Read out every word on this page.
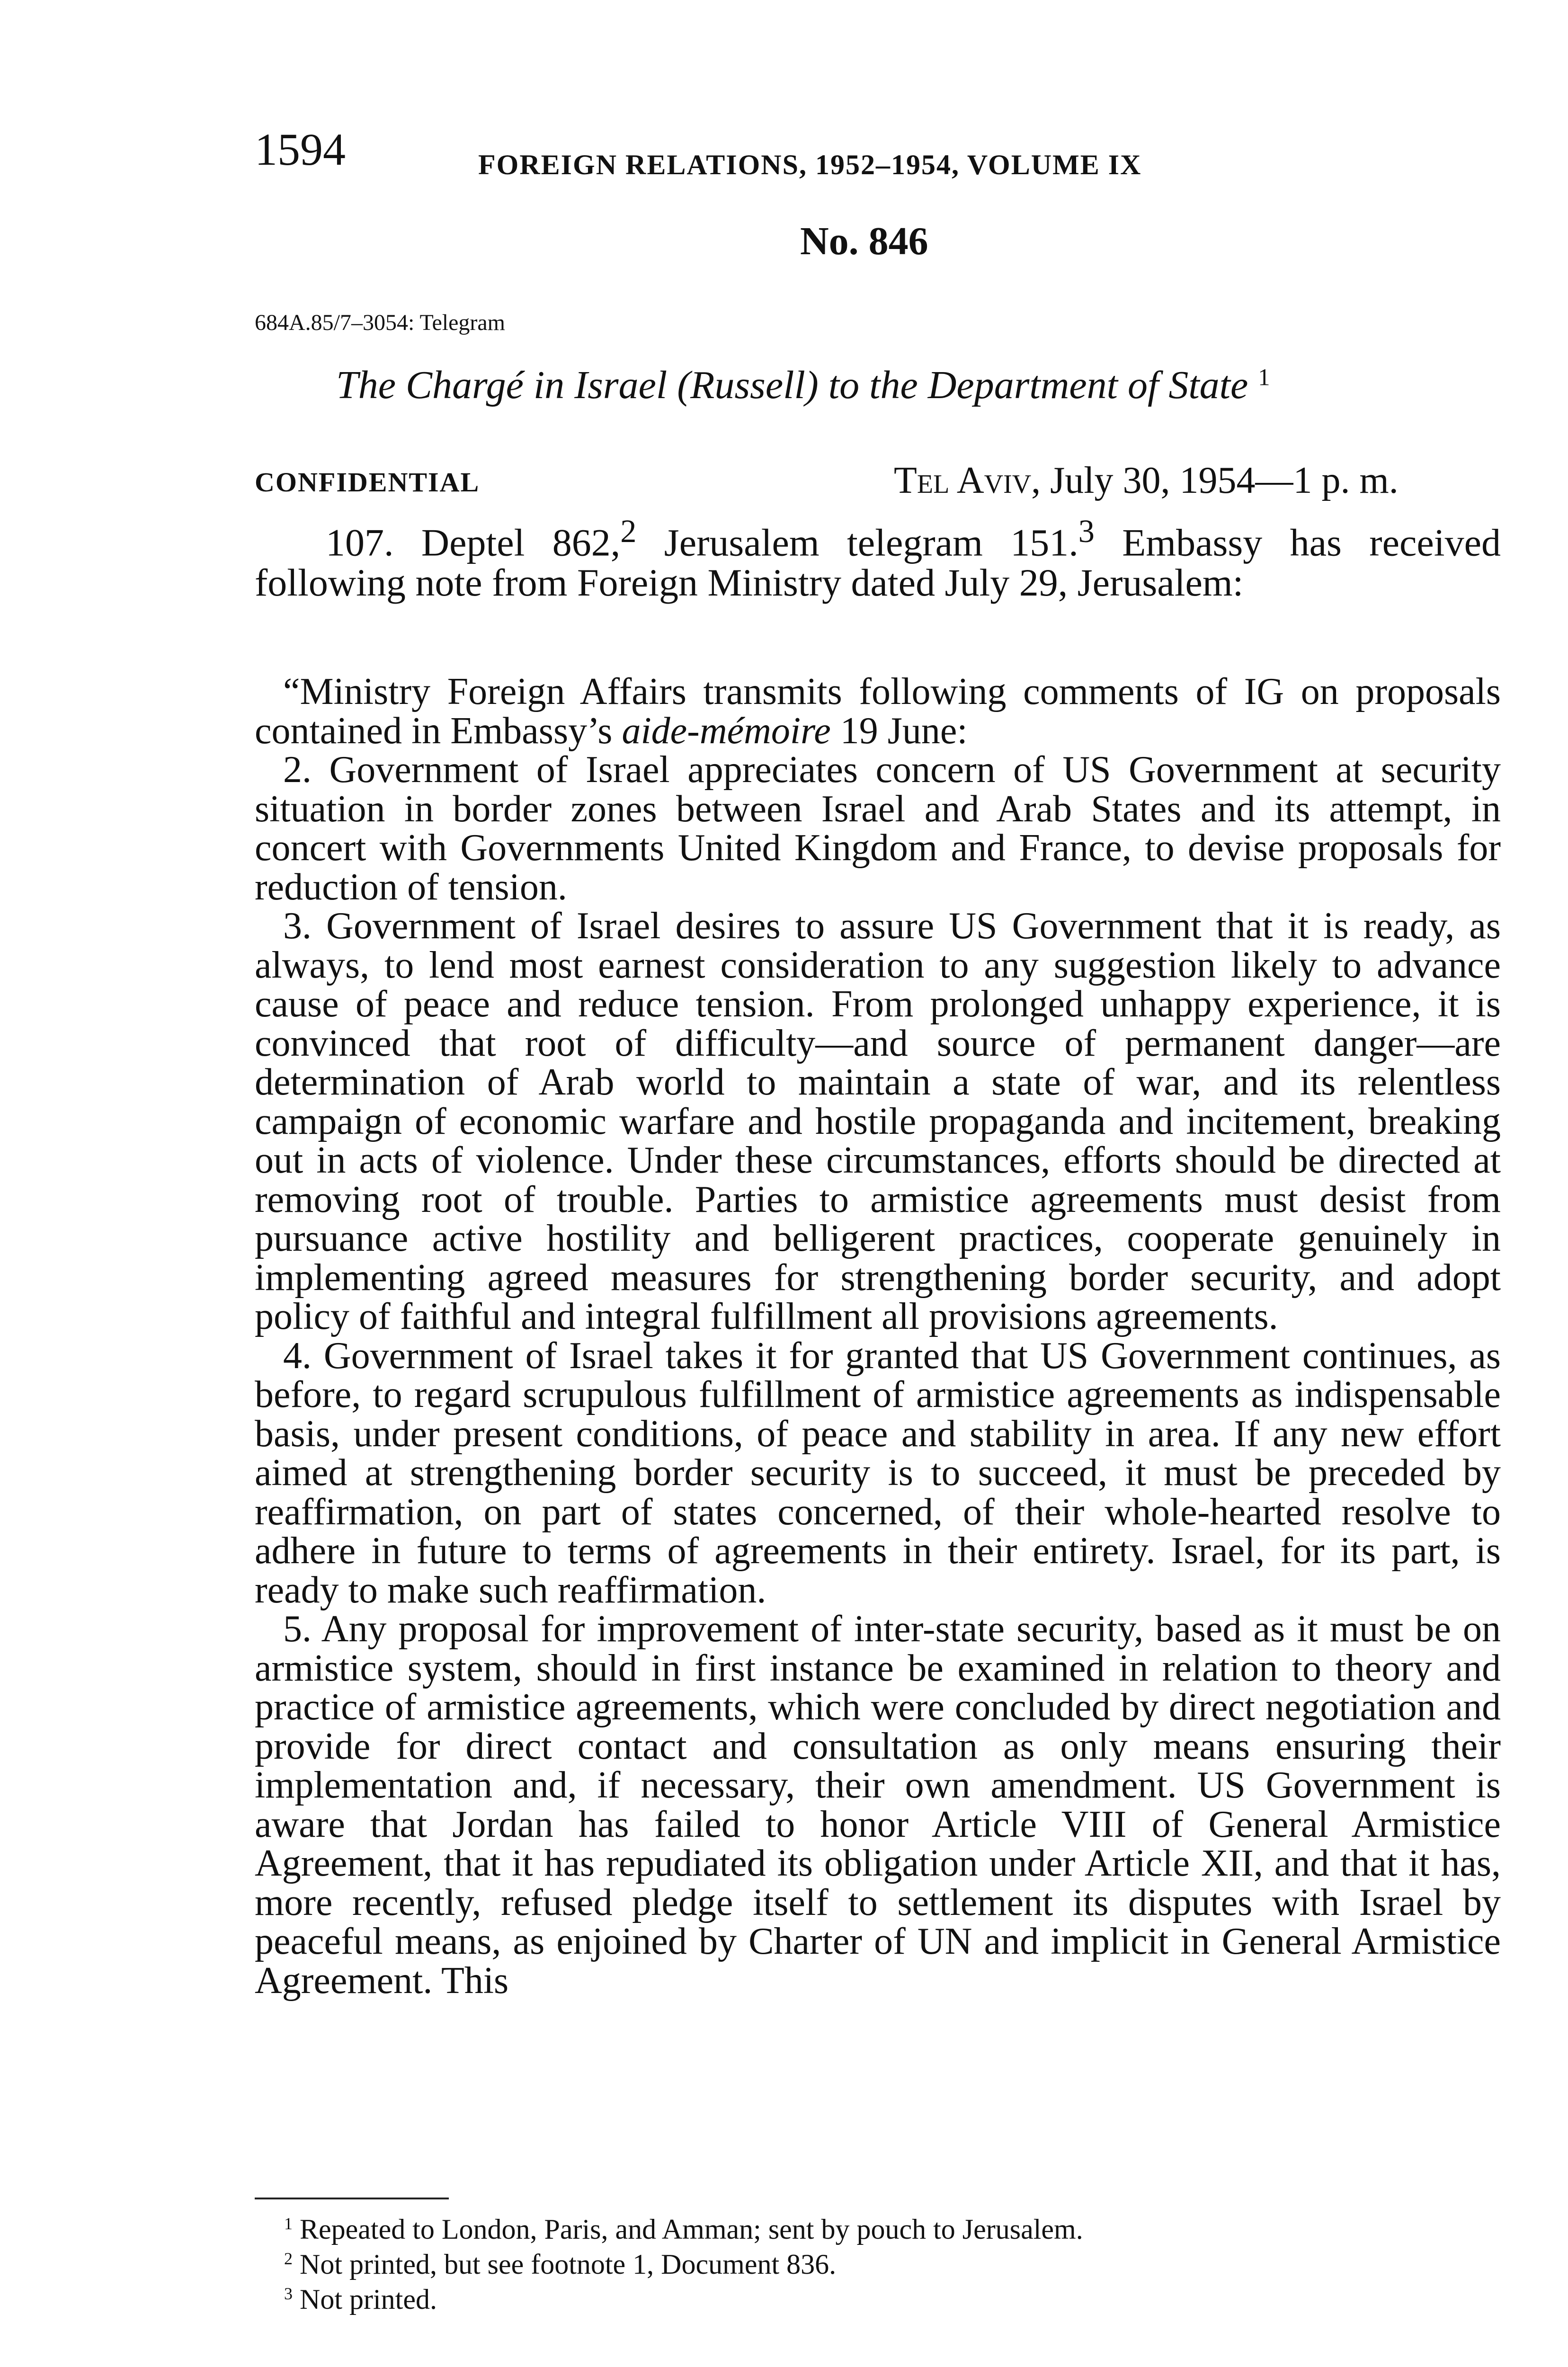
1594	FOREIGN RELATIONS, 1952–1954, VOLUME IX
No. 846
684A.85/7–3054: Telegram
The Chargé in Israel (Russell) to the Department of State $^1$
CONFIDENTIAL	Tel Aviv, July 30, 1954—1 p. m.

107. Deptel 862,$^2$ Jerusalem telegram 151.$^3$ Embassy has received following note from Foreign Ministry dated July 29, Jerusalem:

“Ministry Foreign Affairs transmits following comments of IG on proposals contained in Embassy’s aide-mémoire 19 June:

2. Government of Israel appreciates concern of US Government at security situation in border zones between Israel and Arab States and its attempt, in concert with Governments United Kingdom and France, to devise proposals for reduction of tension.

3. Government of Israel desires to assure US Government that it is ready, as always, to lend most earnest consideration to any suggestion likely to advance cause of peace and reduce tension. From prolonged unhappy experience, it is convinced that root of difficulty—and source of permanent danger—are determination of Arab world to maintain a state of war, and its relentless campaign of economic warfare and hostile propaganda and incitement, breaking out in acts of violence. Under these circumstances, efforts should be directed at removing root of trouble. Parties to armistice agreements must desist from pursuance active hostility and belligerent practices, cooperate genuinely in implementing agreed measures for strengthening border security, and adopt policy of faithful and integral fulfillment all provisions agreements.

4. Government of Israel takes it for granted that US Government continues, as before, to regard scrupulous fulfillment of armistice agreements as indispensable basis, under present conditions, of peace and stability in area. If any new effort aimed at strengthening border security is to succeed, it must be preceded by reaffirmation, on part of states concerned, of their whole-hearted resolve to adhere in future to terms of agreements in their entirety. Israel, for its part, is ready to make such reaffirmation.

5. Any proposal for improvement of inter-state security, based as it must be on armistice system, should in first instance be examined in relation to theory and practice of armistice agreements, which were concluded by direct negotiation and provide for direct contact and consultation as only means ensuring their implementation and, if necessary, their own amendment. US Government is aware that Jordan has failed to honor Article VIII of General Armistice Agreement, that it has repudiated its obligation under Article XII, and that it has, more recently, refused pledge itself to settlement its disputes with Israel by peaceful means, as enjoined by Charter of UN and implicit in General Armistice Agreement. This

$^1$ Repeated to London, Paris, and Amman; sent by pouch to Jerusalem.

$^2$ Not printed, but see footnote 1, Document 836.

$^3$ Not printed.
